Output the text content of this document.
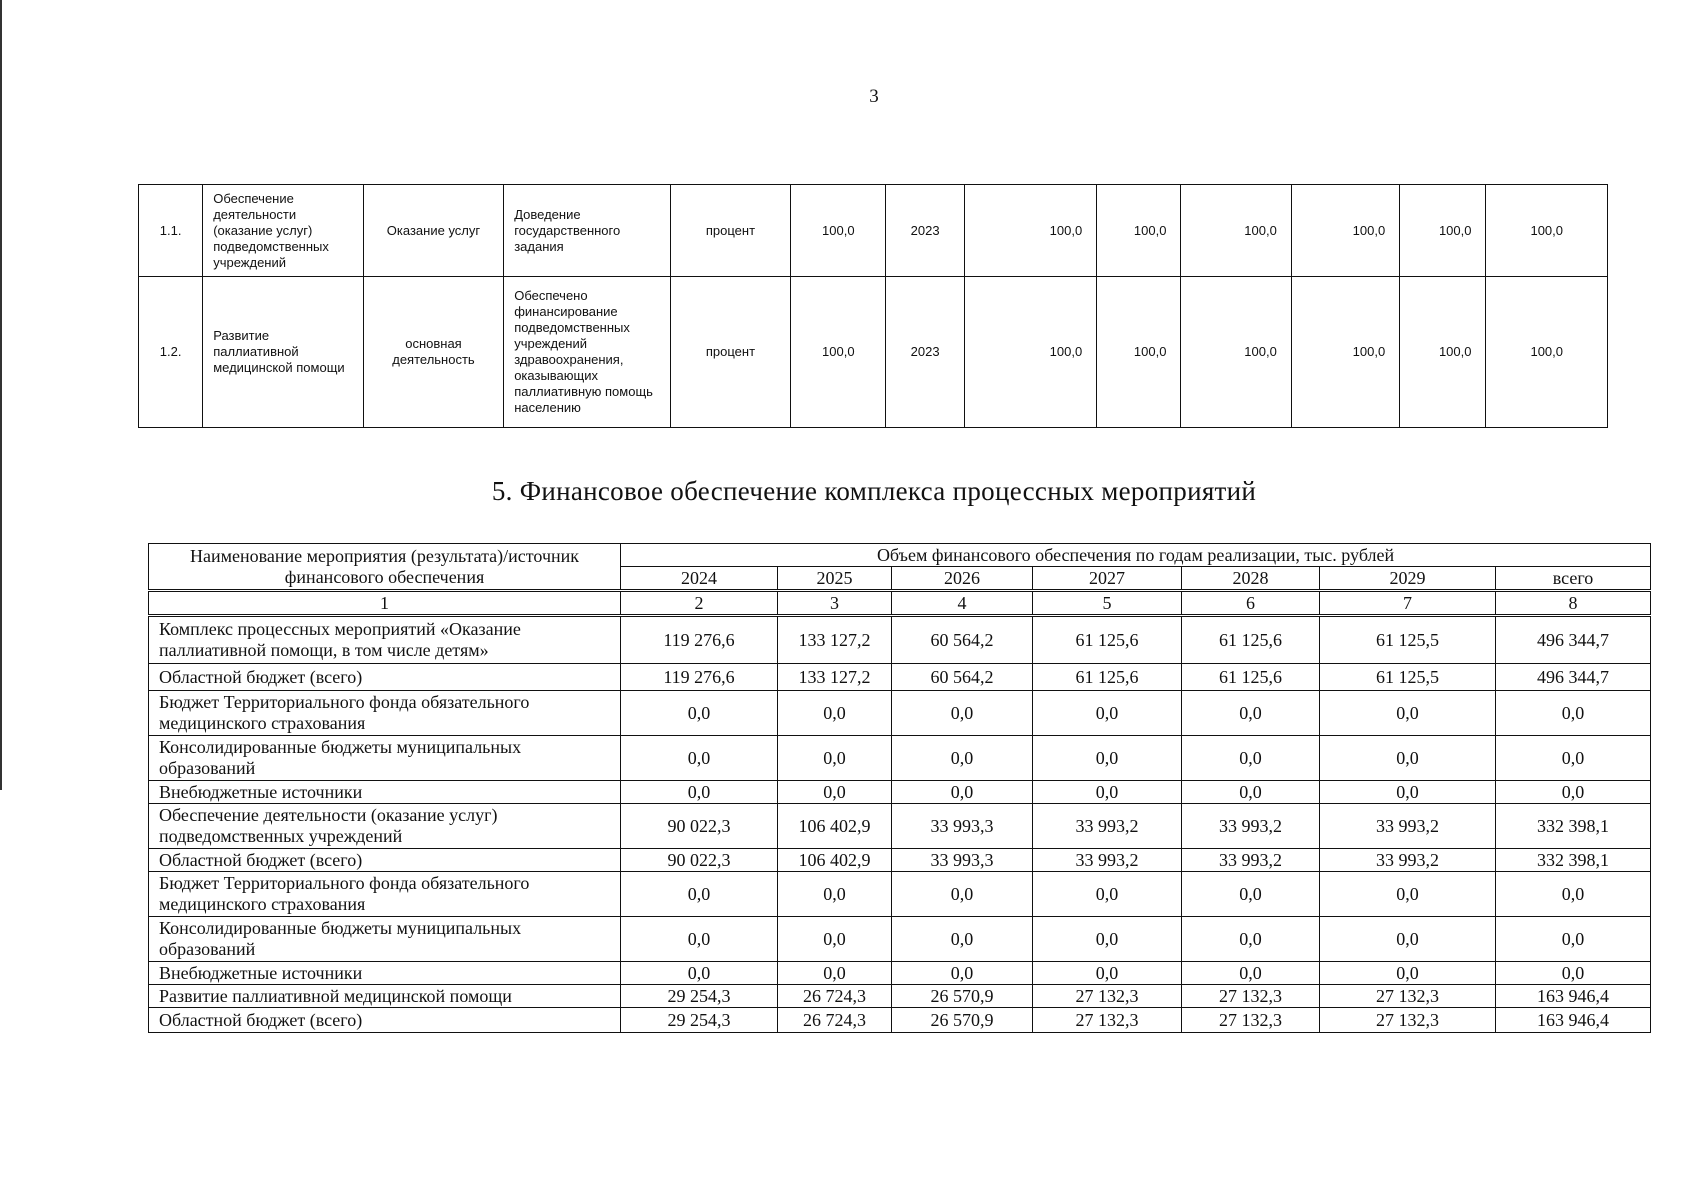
3
1.1.	Обеспечение деятельности (оказание услуг) подведомственных учреждений	Оказание услуг	Доведение государственного задания	процент	100,0	2023	100,0	100,0	100,0	100,0	100,0	100,0
1.2.	Развитие паллиативной медицинской помощи	основная деятельность	Обеспечено финансирование подведомственных учреждений здравоохранения, оказывающих паллиативную помощь населению	процент	100,0	2023	100,0	100,0	100,0	100,0	100,0	100,0
5. Финансовое обеспечение комплекса процессных мероприятий
Наименование мероприятия (результата)/источник финансового обеспечения	Объем финансового обеспечения по годам реализации, тыс. рублей						
	2024	2025	2026	2027	2028	2029	всего
1	2	3	4	5	6	7	8
Комплекс процессных мероприятий «Оказание паллиативной помощи, в том числе детям»	119 276,6	133 127,2	60 564,2	61 125,6	61 125,6	61 125,5	496 344,7
Областной бюджет (всего)	119 276,6	133 127,2	60 564,2	61 125,6	61 125,6	61 125,5	496 344,7
Бюджет Территориального фонда обязательного медицинского страхования	0,0	0,0	0,0	0,0	0,0	0,0	0,0
Консолидированные бюджеты муниципальных образований	0,0	0,0	0,0	0,0	0,0	0,0	0,0
Внебюджетные источники	0,0	0,0	0,0	0,0	0,0	0,0	0,0
Обеспечение деятельности (оказание услуг) подведомственных учреждений	90 022,3	106 402,9	33 993,3	33 993,2	33 993,2	33 993,2	332 398,1
Областной бюджет (всего)	90 022,3	106 402,9	33 993,3	33 993,2	33 993,2	33 993,2	332 398,1
Бюджет Территориального фонда обязательного медицинского страхования	0,0	0,0	0,0	0,0	0,0	0,0	0,0
Консолидированные бюджеты муниципальных образований	0,0	0,0	0,0	0,0	0,0	0,0	0,0
Внебюджетные источники	0,0	0,0	0,0	0,0	0,0	0,0	0,0
Развитие паллиативной медицинской помощи	29 254,3	26 724,3	26 570,9	27 132,3	27 132,3	27 132,3	163 946,4
Областной бюджет (всего)	29 254,3	26 724,3	26 570,9	27 132,3	27 132,3	27 132,3	163 946,4
